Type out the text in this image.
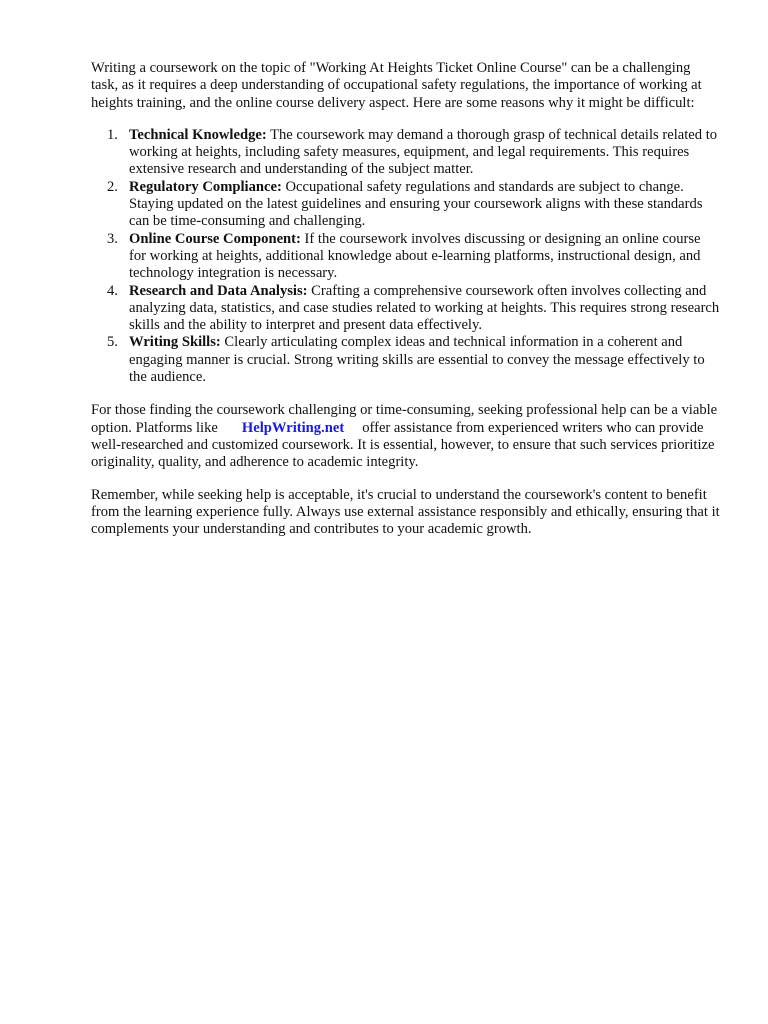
Writing a coursework on the topic of "Working At Heights Ticket Online Course" can be a challenging task, as it requires a deep understanding of occupational safety regulations, the importance of working at heights training, and the online course delivery aspect. Here are some reasons why it might be difficult:

Technical Knowledge: The coursework may demand a thorough grasp of technical details related to working at heights, including safety measures, equipment, and legal requirements. This requires extensive research and understanding of the subject matter.
Regulatory Compliance: Occupational safety regulations and standards are subject to change. Staying updated on the latest guidelines and ensuring your coursework aligns with these standards can be time-consuming and challenging.
Online Course Component: If the coursework involves discussing or designing an online course for working at heights, additional knowledge about e-learning platforms, instructional design, and technology integration is necessary.
Research and Data Analysis: Crafting a comprehensive coursework often involves collecting and analyzing data, statistics, and case studies related to working at heights. This requires strong research skills and the ability to interpret and present data effectively.
Writing Skills: Clearly articulating complex ideas and technical information in a coherent and engaging manner is crucial. Strong writing skills are essential to convey the message effectively to the audience.

For those finding the coursework challenging or time-consuming, seeking professional help can be a viable option. Platforms like HelpWriting.net offer assistance from experienced writers who can provide well-researched and customized coursework. It is essential, however, to ensure that such services prioritize originality, quality, and adherence to academic integrity.

Remember, while seeking help is acceptable, it's crucial to understand the coursework's content to benefit from the learning experience fully. Always use external assistance responsibly and ethically, ensuring that it complements your understanding and contributes to your academic growth.
